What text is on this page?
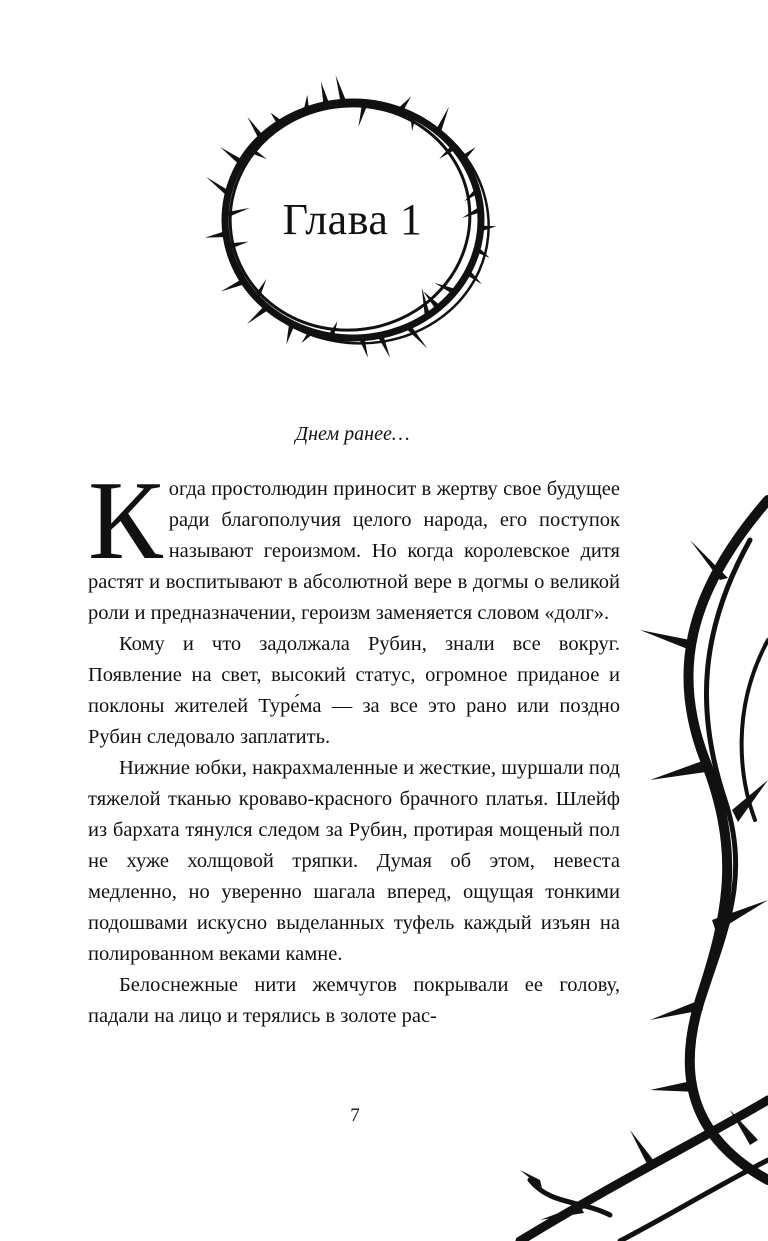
Глава 1
Днем ранее…

Когда простолюдин приносит в жертву свое будущее ради благополучия целого народа, его поступок называют героизмом. Но когда королевское дитя растят и воспитывают в абсолютной вере в догмы о великой роли и предназначении, героизм заменяется словом «долг».

Кому и что задолжала Рубин, знали все вокруг. Появление на свет, высокий статус, огромное приданое и поклоны жителей Туре́ма — за все это рано или поздно Рубин следовало заплатить.

Нижние юбки, накрахмаленные и жесткие, шуршали под тяжелой тканью кроваво-красного брачного платья. Шлейф из бархата тянулся следом за Рубин, протирая мощеный пол не хуже холщовой тряпки. Думая об этом, невеста медленно, но уверенно шагала вперед, ощущая тонкими подошвами искусно выделанных туфель каждый изъян на полированном веками камне.

Белоснежные нити жемчугов покрывали ее голову, падали на лицо и терялись в золоте рас-

7
